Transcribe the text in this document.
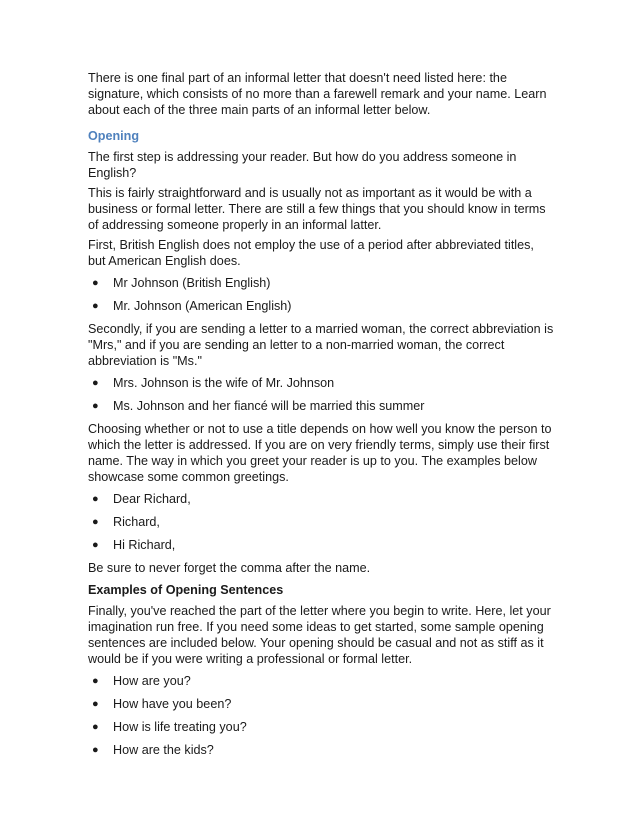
There is one final part of an informal letter that doesn't need listed here: the signature, which consists of no more than a farewell remark and your name. Learn about each of the three main parts of an informal letter below.

Opening

The first step is addressing your reader. But how do you address someone in English?

This is fairly straightforward and is usually not as important as it would be with a business or formal letter. There are still a few things that you should know in terms of addressing someone properly in an informal latter.

First, British English does not employ the use of a period after abbreviated titles, but American English does.

● Mr Johnson (British English)
● Mr. Johnson (American English)

Secondly, if you are sending a letter to a married woman, the correct abbreviation is "Mrs," and if you are sending an letter to a non-married woman, the correct abbreviation is "Ms."

● Mrs. Johnson is the wife of Mr. Johnson
● Ms. Johnson and her fiancé will be married this summer

Choosing whether or not to use a title depends on how well you know the person to which the letter is addressed. If you are on very friendly terms, simply use their first name. The way in which you greet your reader is up to you. The examples below showcase some common greetings.

● Dear Richard,
● Richard,
● Hi Richard,

Be sure to never forget the comma after the name.

Examples of Opening Sentences

Finally, you've reached the part of the letter where you begin to write. Here, let your imagination run free. If you need some ideas to get started, some sample opening sentences are included below. Your opening should be casual and not as stiff as it would be if you were writing a professional or formal letter.

● How are you?
● How have you been?
● How is life treating you?
● How are the kids?
